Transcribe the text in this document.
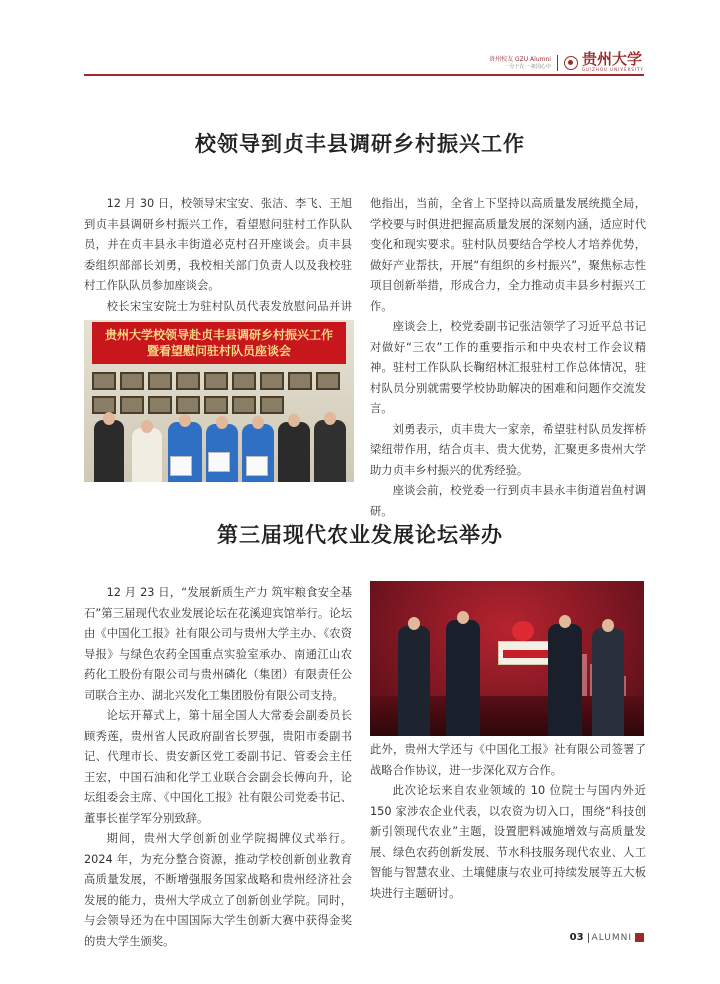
贵州校友 GZU Alumni
一分干在一·祖国心中 贵州大学
GUIZHOU UNIVERSITY
校领导到贞丰县调研乡村振兴工作

12 月 30 日，校领导宋宝安、张洁、李飞、王旭到贞丰县调研乡村振兴工作，看望慰问驻村工作队队员，并在贞丰县永丰街道必克村召开座谈会。贞丰县委组织部部长刘勇，我校相关部门负责人以及我校驻村工作队队员参加座谈会。

校长宋宝安院士为驻村队员代表发放慰问品并讲

贵州大学校领导赴贞丰县调研乡村振兴工作
暨看望慰问驻村队员座谈会

他指出，当前，全省上下坚持以高质量发展统揽全局，学校要与时俱进把握高质量发展的深刻内涵，适应时代变化和现实要求。驻村队员要结合学校人才培养优势，做好产业帮扶，开展“有组织的乡村振兴”，聚焦标志性项目创新举措，形成合力，全力推动贞丰县乡村振兴工作。

座谈会上，校党委副书记张洁领学了习近平总书记对做好“三农”工作的重要指示和中央农村工作会议精神。驻村工作队队长鞠绍林汇报驻村工作总体情况，驻村队员分别就需要学校协助解决的困难和问题作交流发言。

刘勇表示，贞丰贵大一家亲，希望驻村队员发挥桥梁纽带作用，结合贞丰、贵大优势，汇聚更多贵州大学助力贞丰乡村振兴的优秀经验。

座谈会前，校党委一行到贞丰县永丰街道岩鱼村调研。

第三届现代农业发展论坛举办

12 月 23 日，“发展新质生产力 筑牢粮食安全基石”第三届现代农业发展论坛在花溪迎宾馆举行。论坛由《中国化工报》社有限公司与贵州大学主办、《农资导报》与绿色农药全国重点实验室承办、南通江山农药化工股份有限公司与贵州磷化（集团）有限责任公司联合主办、湖北兴发化工集团股份有限公司支持。

论坛开幕式上，第十届全国人大常委会副委员长顾秀莲，贵州省人民政府副省长罗强，贵阳市委副书记、代理市长、贵安新区党工委副书记、管委会主任王宏，中国石油和化学工业联合会副会长傅向升，论坛组委会主席、《中国化工报》社有限公司党委书记、董事长崔学军分别致辞。

期间，贵州大学创新创业学院揭牌仪式举行。2024 年，为充分整合资源，推动学校创新创业教育高质量发展，不断增强服务国家战略和贵州经济社会发展的能力，贵州大学成立了创新创业学院。同时，与会领导还为在中国国际大学生创新大赛中获得金奖的贵大学生颁奖。

此外，贵州大学还与《中国化工报》社有限公司签署了战略合作协议，进一步深化双方合作。

此次论坛来自农业领域的 10 位院士与国内外近 150 家涉农企业代表，以农资为切入口，围绕“科技创新引领现代农业”主题，设置肥料减施增效与高质量发展、绿色农药创新发展、节水科技服务现代农业、人工智能与智慧农业、土壤健康与农业可持续发展等五大板块进行主题研讨。

03 ALUMNI
